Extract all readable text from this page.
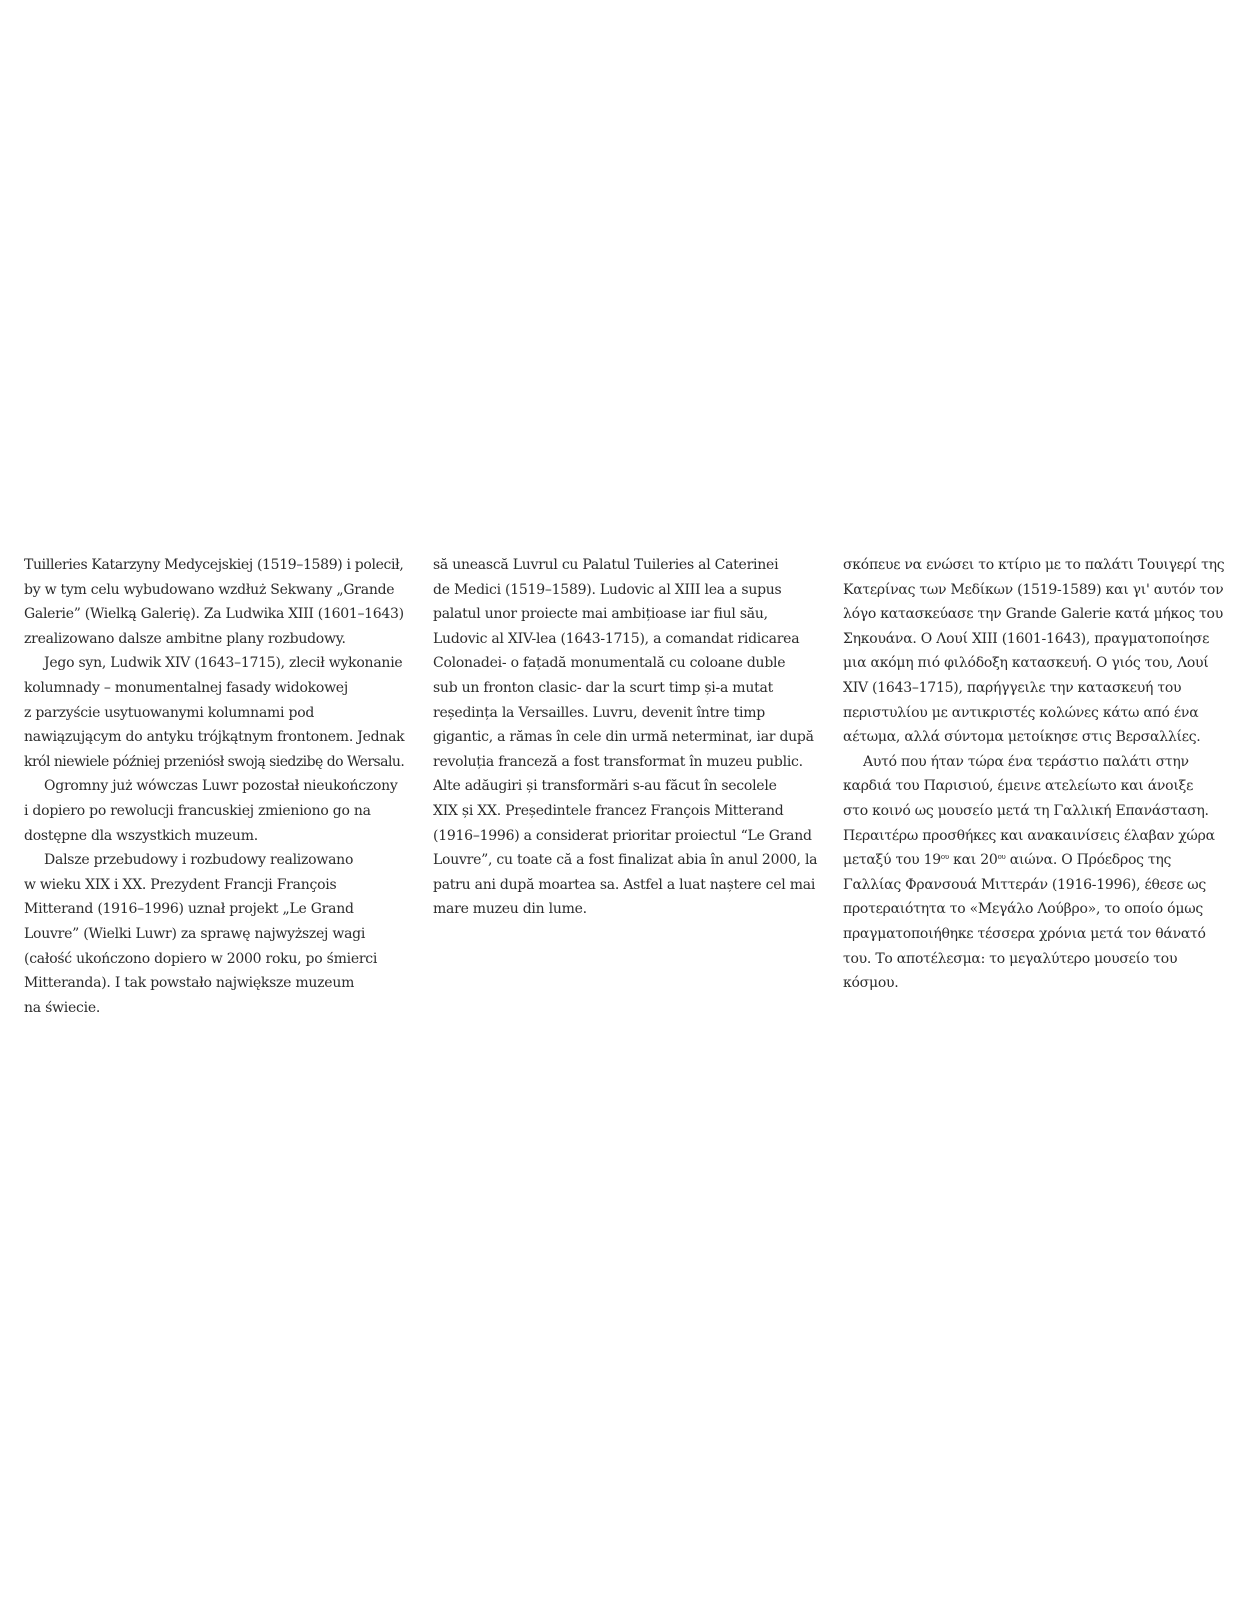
Tuilleries Katarzyny Medycejskiej (1519–1589) i polecił,
by w tym celu wybudowano wzdłuż Sekwany „Grande
Galerie” (Wielką Galerię). Za Ludwika XIII (1601–1643)
zrealizowano dalsze ambitne plany rozbudowy.

Jego syn, Ludwik XIV (1643–1715), zlecił wykonanie
kolumnady – monumentalnej fasady widokowej
z parzyście usytuowanymi kolumnami pod
nawiązującym do antyku trójkątnym frontonem. Jednak
król niewiele później przeniósł swoją siedzibę do Wersalu.

Ogromny już wówczas Luwr pozostał nieukończony
i dopiero po rewolucji francuskiej zmieniono go na
dostępne dla wszystkich muzeum.

Dalsze przebudowy i rozbudowy realizowano
w wieku XIX i XX. Prezydent Francji François
Mitterand (1916–1996) uznał projekt „Le Grand
Louvre” (Wielki Luwr) za sprawę najwyższej wagi
(całość ukończono dopiero w 2000 roku, po śmierci
Mitteranda). I tak powstało największe muzeum
na świecie.

să unească Luvrul cu Palatul Tuileries al Caterinei
de Medici (1519–1589). Ludovic al XIII lea a supus
palatul unor proiecte mai ambițioase iar fiul său,
Ludovic al XIV-lea (1643-1715), a comandat ridicarea
Colonadei- o fațadă monumentală cu coloane duble
sub un fronton clasic- dar la scurt timp și-a mutat
reședința la Versailles. Luvru, devenit între timp
gigantic, a rămas în cele din urmă neterminat, iar după
revoluția franceză a fost transformat în muzeu public.
Alte adăugiri și transformări s-au făcut în secolele
XIX și XX. Președintele francez François Mitterand
(1916–1996) a considerat prioritar proiectul “Le Grand
Louvre”, cu toate că a fost finalizat abia în anul 2000, la
patru ani după moartea sa. Astfel a luat naștere cel mai
mare muzeu din lume.

σκόπευε να ενώσει το κτίριο με το παλάτι Τουιγερί της
Κατερίνας των Μεδίκων (1519-1589) και γι' αυτόν τον
λόγο κατασκεύασε την Grande Galerie κατά μήκος του
Σηκουάνα. Ο Λουί XIII (1601-1643), πραγματοποίησε
μια ακόμη πιό φιλόδοξη κατασκευή. Ο γιός του, Λουί
XIV (1643–1715), παρήγγειλε την κατασκευή του
περιστυλίου με αντικριστές κολώνες κάτω από ένα
αέτωμα, αλλά σύντομα μετοίκησε στις Βερσαλλίες.

Αυτό που ήταν τώρα ένα τεράστιο παλάτι στην
καρδιά του Παρισιού, έμεινε ατελείωτο και άνοιξε
στο κοινό ως μουσείο μετά τη Γαλλική Επανάσταση.
Περαιτέρω προσθήκες και ανακαινίσεις έλαβαν χώρα
μεταξύ του $19^{o\upsilon}$ και $20^{o\upsilon}$ αιώνα. Ο Πρόεδρος της
Γαλλίας Φρανσουά Μιττεράν (1916-1996), έθεσε ως
προτεραιότητα το «Μεγάλο Λούβρο», το οποίο όμως
πραγματοποιήθηκε τέσσερα χρόνια μετά τον θάνατό
του. Το αποτέλεσμα: το μεγαλύτερο μουσείο του
κόσμου.
